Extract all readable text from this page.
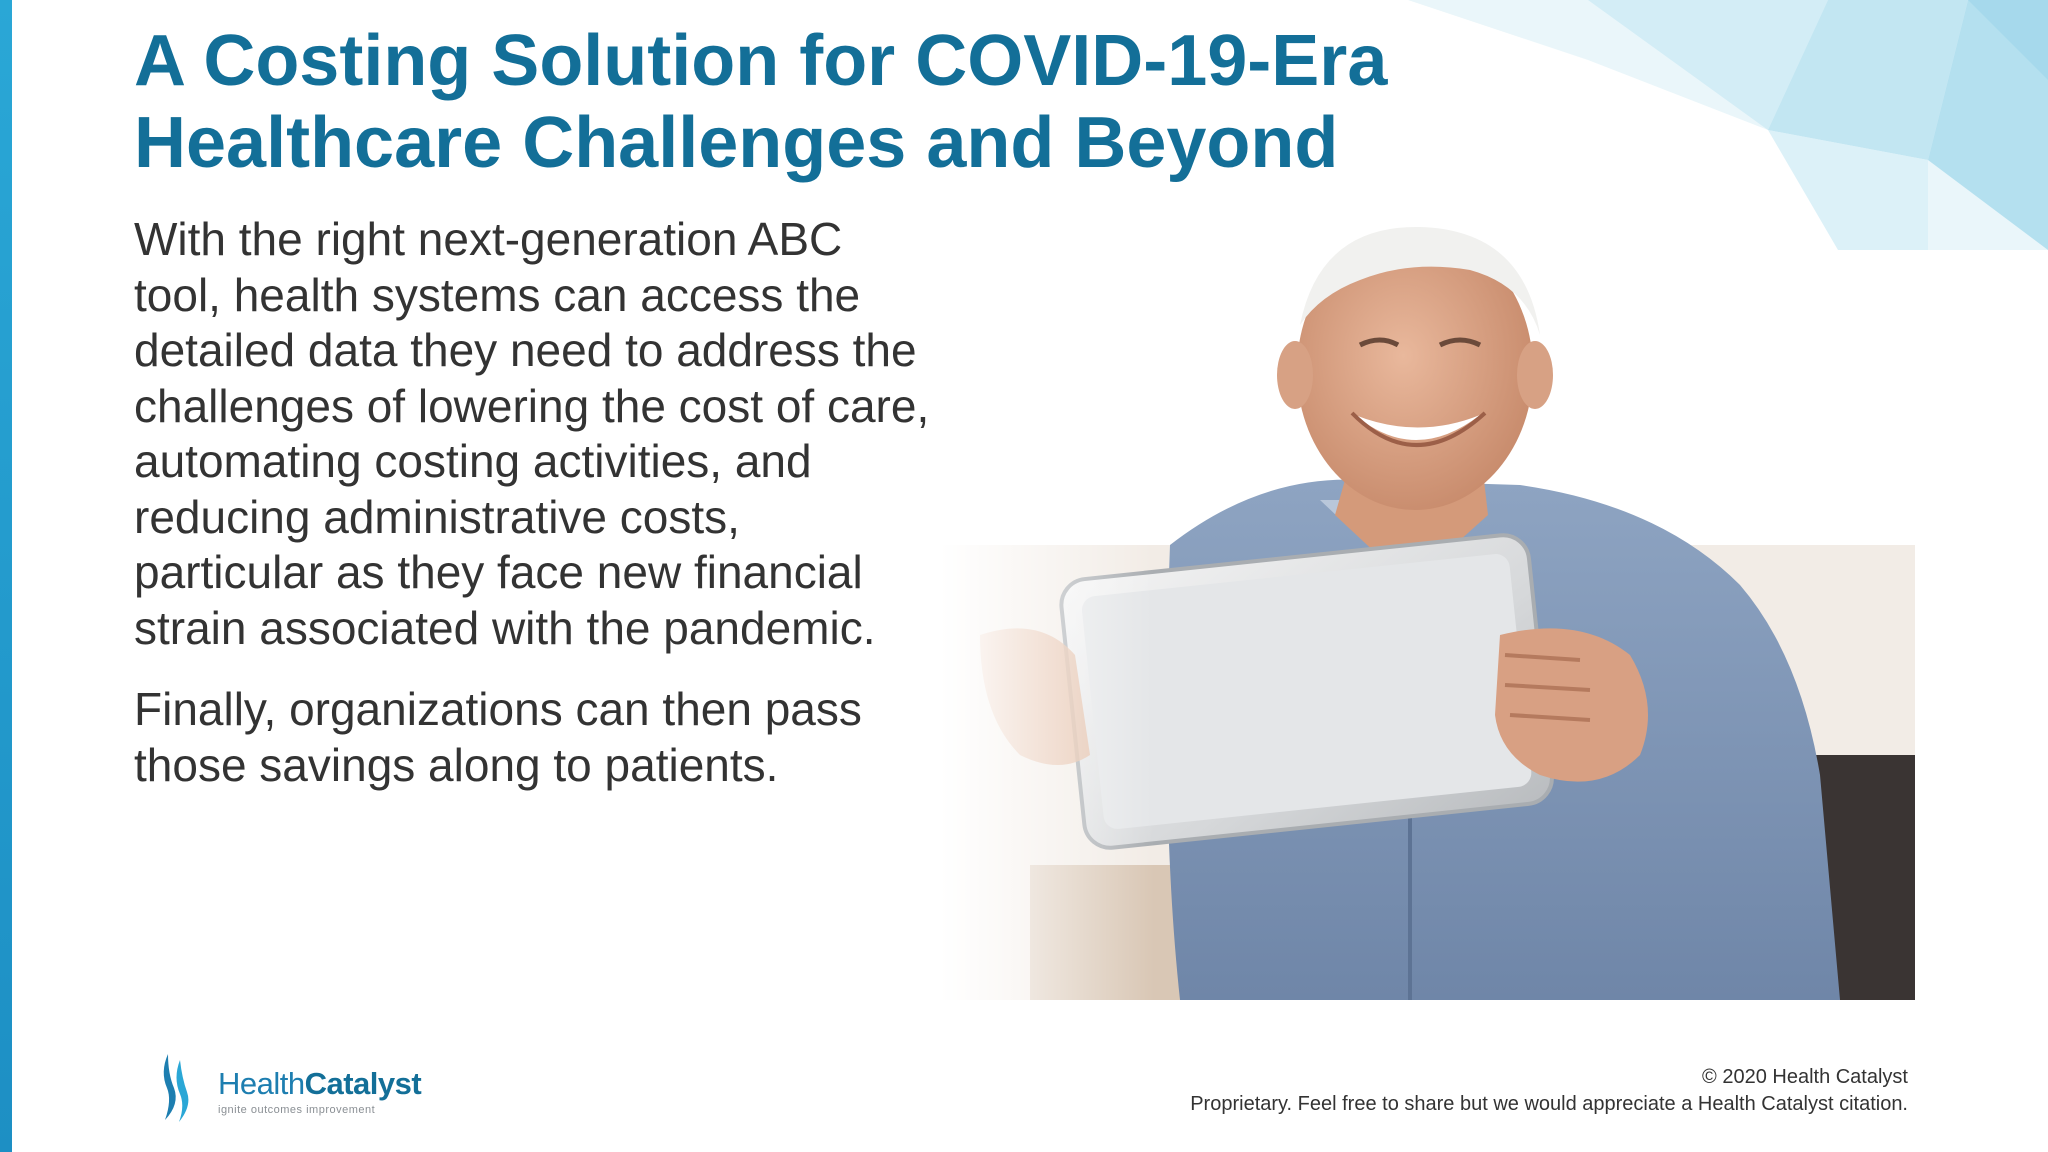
A Costing Solution for COVID-19-Era
Healthcare Challenges and Beyond

With the right next-generation ABC
tool, health systems can access the
detailed data they need to address the
challenges of lowering the cost of care,
automating costing activities, and
reducing administrative costs,
particular as they face new financial
strain associated with the pandemic.

Finally, organizations can then pass
those savings along to patients.

HealthCatalyst
ignite outcomes improvement
© 2020 Health Catalyst
Proprietary. Feel free to share but we would appreciate a Health Catalyst citation.
